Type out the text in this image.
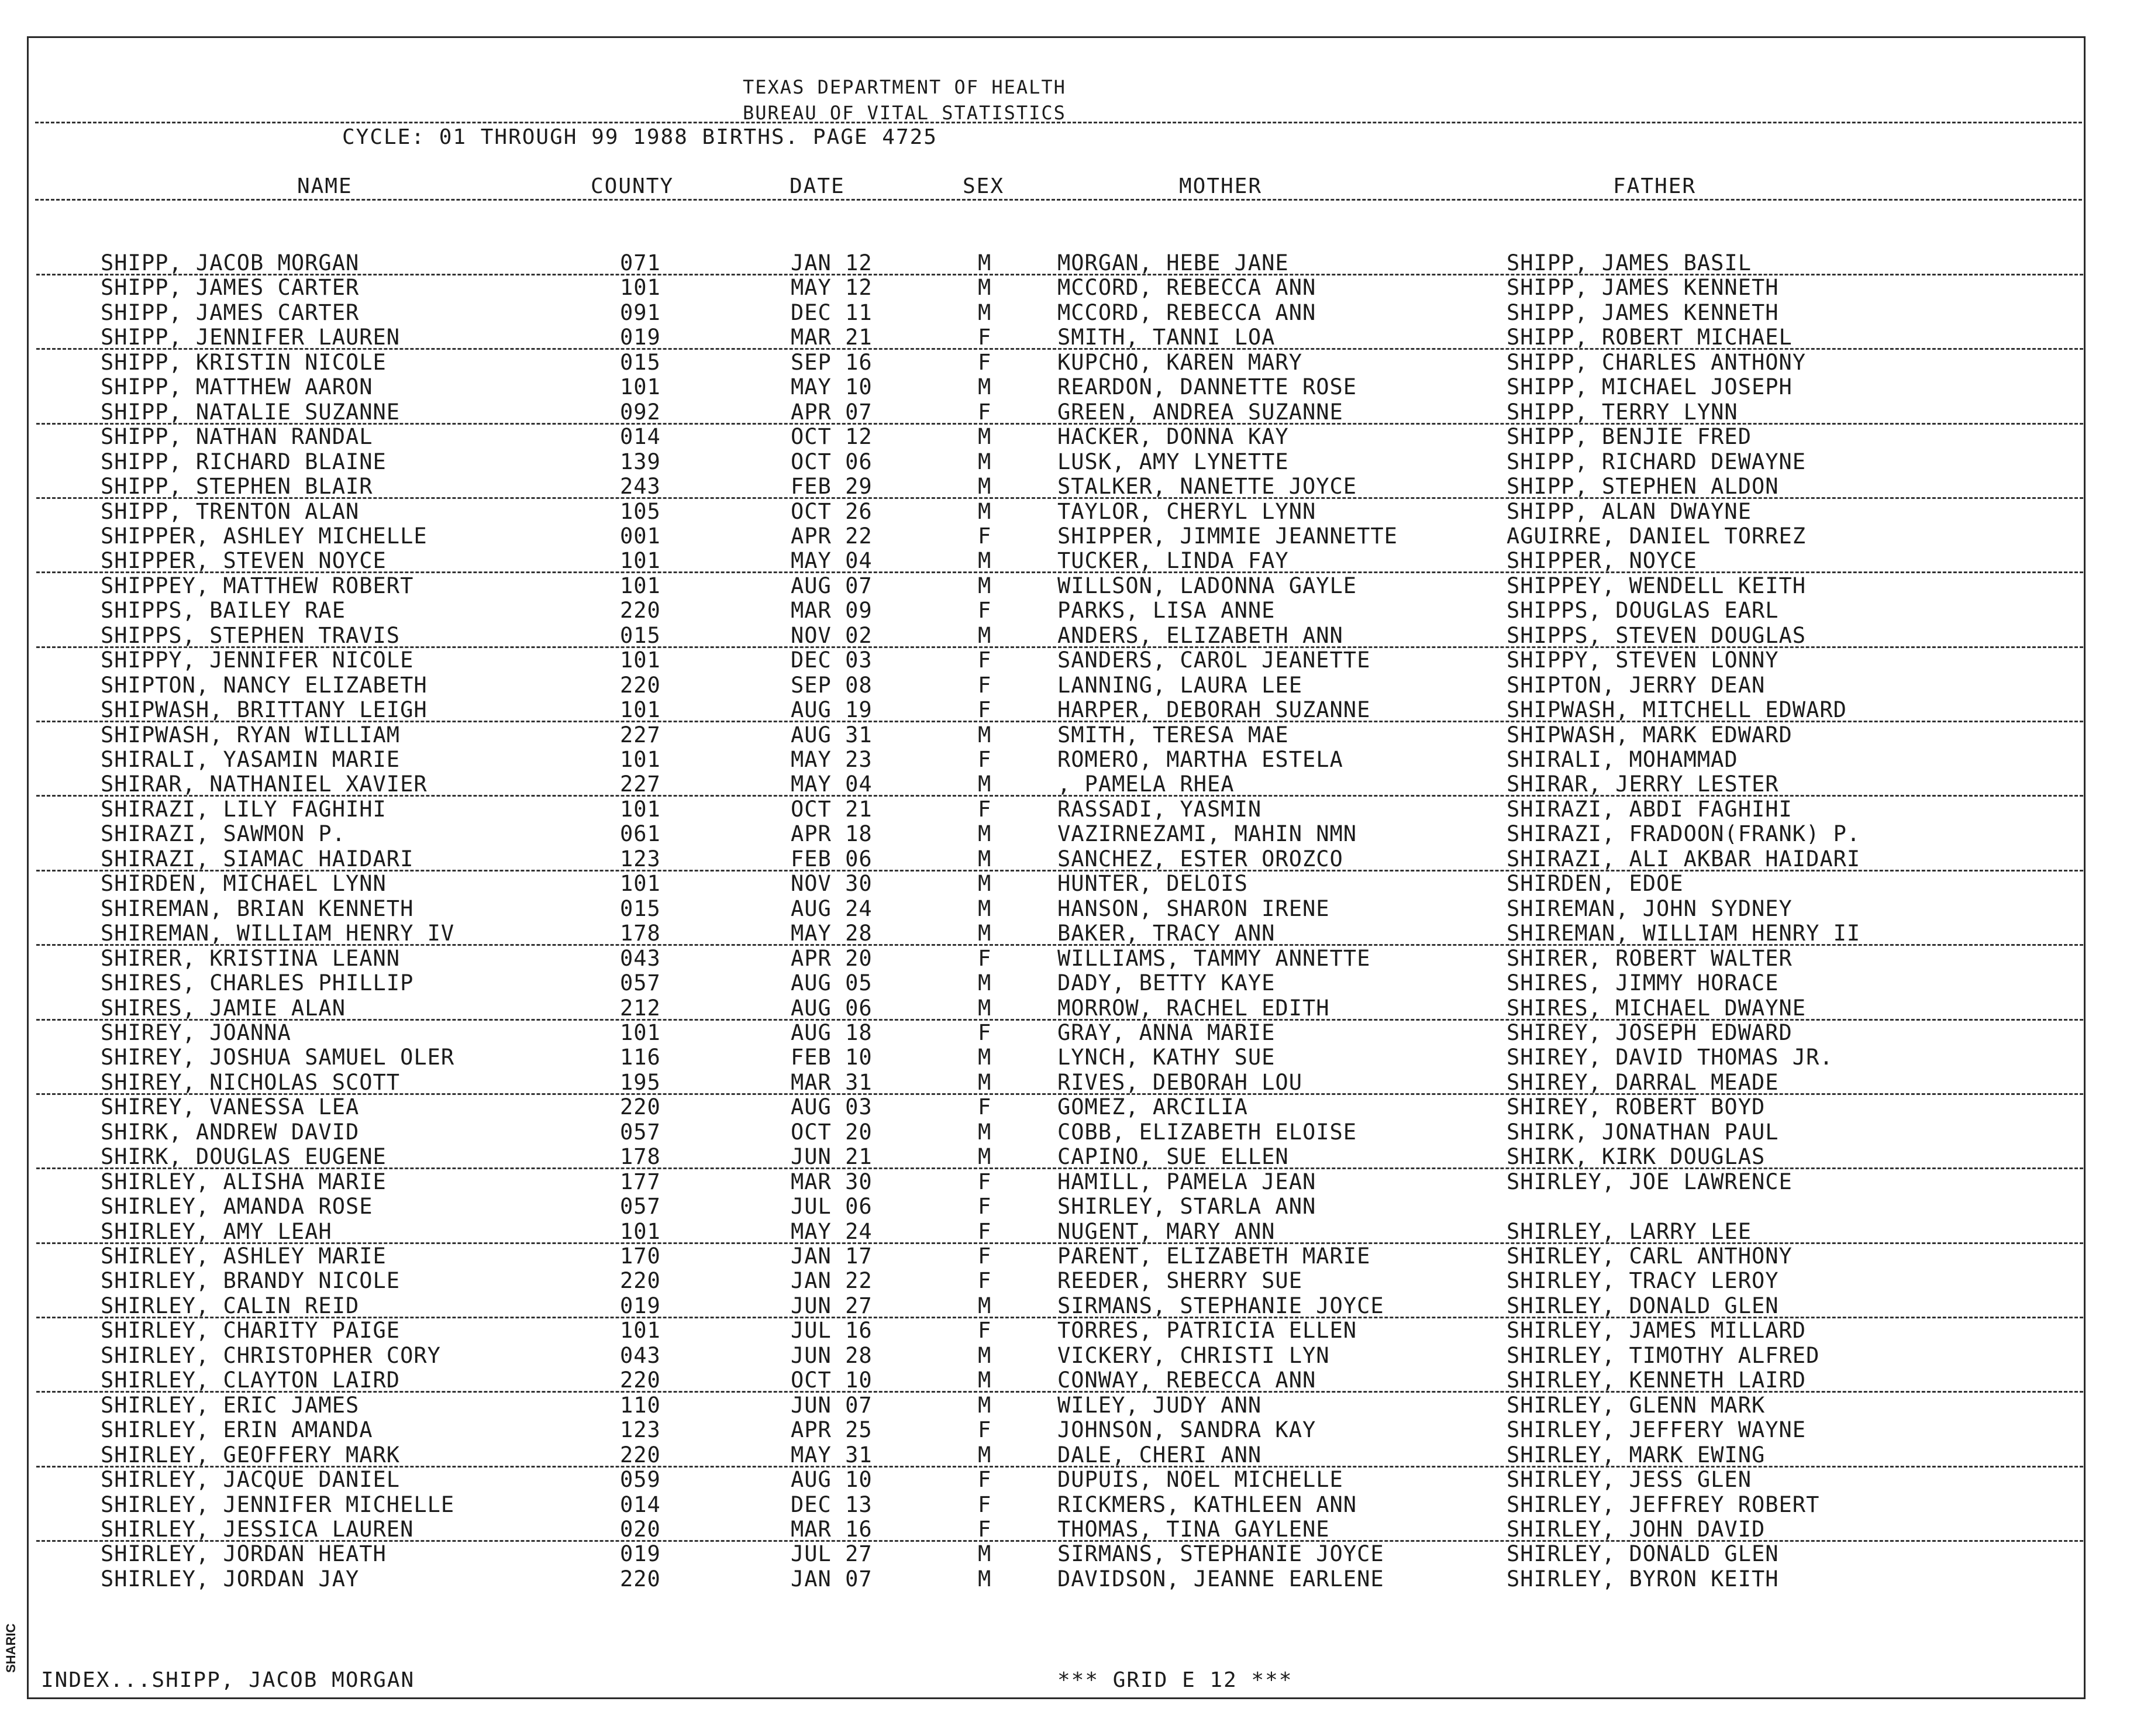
TEXAS DEPARTMENT OF HEALTH
BUREAU OF VITAL STATISTICS
CYCLE: 01 THROUGH 99 1988 BIRTHS. PAGE 4725
NAME	COUNTY	DATE	SEX	MOTHER	FATHER
SHIPP, JACOB MORGAN	071	JAN 12	M	MORGAN, HEBE JANE	SHIPP, JAMES BASIL
SHIPP, JAMES CARTER	101	MAY 12	M	MCCORD, REBECCA ANN	SHIPP, JAMES KENNETH
SHIPP, JAMES CARTER	091	DEC 11	M	MCCORD, REBECCA ANN	SHIPP, JAMES KENNETH
SHIPP, JENNIFER LAUREN	019	MAR 21	F	SMITH, TANNI LOA	SHIPP, ROBERT MICHAEL
SHIPP, KRISTIN NICOLE	015	SEP 16	F	KUPCHO, KAREN MARY	SHIPP, CHARLES ANTHONY
SHIPP, MATTHEW AARON	101	MAY 10	M	REARDON, DANNETTE ROSE	SHIPP, MICHAEL JOSEPH
SHIPP, NATALIE SUZANNE	092	APR 07	F	GREEN, ANDREA SUZANNE	SHIPP, TERRY LYNN
SHIPP, NATHAN RANDAL	014	OCT 12	M	HACKER, DONNA KAY	SHIPP, BENJIE FRED
SHIPP, RICHARD BLAINE	139	OCT 06	M	LUSK, AMY LYNETTE	SHIPP, RICHARD DEWAYNE
SHIPP, STEPHEN BLAIR	243	FEB 29	M	STALKER, NANETTE JOYCE	SHIPP, STEPHEN ALDON
SHIPP, TRENTON ALAN	105	OCT 26	M	TAYLOR, CHERYL LYNN	SHIPP, ALAN DWAYNE
SHIPPER, ASHLEY MICHELLE	001	APR 22	F	SHIPPER, JIMMIE JEANNETTE	AGUIRRE, DANIEL TORREZ
SHIPPER, STEVEN NOYCE	101	MAY 04	M	TUCKER, LINDA FAY	SHIPPER, NOYCE
SHIPPEY, MATTHEW ROBERT	101	AUG 07	M	WILLSON, LADONNA GAYLE	SHIPPEY, WENDELL KEITH
SHIPPS, BAILEY RAE	220	MAR 09	F	PARKS, LISA ANNE	SHIPPS, DOUGLAS EARL
SHIPPS, STEPHEN TRAVIS	015	NOV 02	M	ANDERS, ELIZABETH ANN	SHIPPS, STEVEN DOUGLAS
SHIPPY, JENNIFER NICOLE	101	DEC 03	F	SANDERS, CAROL JEANETTE	SHIPPY, STEVEN LONNY
SHIPTON, NANCY ELIZABETH	220	SEP 08	F	LANNING, LAURA LEE	SHIPTON, JERRY DEAN
SHIPWASH, BRITTANY LEIGH	101	AUG 19	F	HARPER, DEBORAH SUZANNE	SHIPWASH, MITCHELL EDWARD
SHIPWASH, RYAN WILLIAM	227	AUG 31	M	SMITH, TERESA MAE	SHIPWASH, MARK EDWARD
SHIRALI, YASAMIN MARIE	101	MAY 23	F	ROMERO, MARTHA ESTELA	SHIRALI, MOHAMMAD
SHIRAR, NATHANIEL XAVIER	227	MAY 04	M	, PAMELA RHEA	SHIRAR, JERRY LESTER
SHIRAZI, LILY FAGHIHI	101	OCT 21	F	RASSADI, YASMIN	SHIRAZI, ABDI FAGHIHI
SHIRAZI, SAWMON P.	061	APR 18	M	VAZIRNEZAMI, MAHIN NMN	SHIRAZI, FRADOON(FRANK) P.
SHIRAZI, SIAMAC HAIDARI	123	FEB 06	M	SANCHEZ, ESTER OROZCO	SHIRAZI, ALI AKBAR HAIDARI
SHIRDEN, MICHAEL LYNN	101	NOV 30	M	HUNTER, DELOIS	SHIRDEN, EDOE
SHIREMAN, BRIAN KENNETH	015	AUG 24	M	HANSON, SHARON IRENE	SHIREMAN, JOHN SYDNEY
SHIREMAN, WILLIAM HENRY IV	178	MAY 28	M	BAKER, TRACY ANN	SHIREMAN, WILLIAM HENRY II
SHIRER, KRISTINA LEANN	043	APR 20	F	WILLIAMS, TAMMY ANNETTE	SHIRER, ROBERT WALTER
SHIRES, CHARLES PHILLIP	057	AUG 05	M	DADY, BETTY KAYE	SHIRES, JIMMY HORACE
SHIRES, JAMIE ALAN	212	AUG 06	M	MORROW, RACHEL EDITH	SHIRES, MICHAEL DWAYNE
SHIREY, JOANNA	101	AUG 18	F	GRAY, ANNA MARIE	SHIREY, JOSEPH EDWARD
SHIREY, JOSHUA SAMUEL OLER	116	FEB 10	M	LYNCH, KATHY SUE	SHIREY, DAVID THOMAS JR.
SHIREY, NICHOLAS SCOTT	195	MAR 31	M	RIVES, DEBORAH LOU	SHIREY, DARRAL MEADE
SHIREY, VANESSA LEA	220	AUG 03	F	GOMEZ, ARCILIA	SHIREY, ROBERT BOYD
SHIRK, ANDREW DAVID	057	OCT 20	M	COBB, ELIZABETH ELOISE	SHIRK, JONATHAN PAUL
SHIRK, DOUGLAS EUGENE	178	JUN 21	M	CAPINO, SUE ELLEN	SHIRK, KIRK DOUGLAS
SHIRLEY, ALISHA MARIE	177	MAR 30	F	HAMILL, PAMELA JEAN	SHIRLEY, JOE LAWRENCE
SHIRLEY, AMANDA ROSE	057	JUL 06	F	SHIRLEY, STARLA ANN
SHIRLEY, AMY LEAH	101	MAY 24	F	NUGENT, MARY ANN	SHIRLEY, LARRY LEE
SHIRLEY, ASHLEY MARIE	170	JAN 17	F	PARENT, ELIZABETH MARIE	SHIRLEY, CARL ANTHONY
SHIRLEY, BRANDY NICOLE	220	JAN 22	F	REEDER, SHERRY SUE	SHIRLEY, TRACY LEROY
SHIRLEY, CALIN REID	019	JUN 27	M	SIRMANS, STEPHANIE JOYCE	SHIRLEY, DONALD GLEN
SHIRLEY, CHARITY PAIGE	101	JUL 16	F	TORRES, PATRICIA ELLEN	SHIRLEY, JAMES MILLARD
SHIRLEY, CHRISTOPHER CORY	043	JUN 28	M	VICKERY, CHRISTI LYN	SHIRLEY, TIMOTHY ALFRED
SHIRLEY, CLAYTON LAIRD	220	OCT 10	M	CONWAY, REBECCA ANN	SHIRLEY, KENNETH LAIRD
SHIRLEY, ERIC JAMES	110	JUN 07	M	WILEY, JUDY ANN	SHIRLEY, GLENN MARK
SHIRLEY, ERIN AMANDA	123	APR 25	F	JOHNSON, SANDRA KAY	SHIRLEY, JEFFERY WAYNE
SHIRLEY, GEOFFERY MARK	220	MAY 31	M	DALE, CHERI ANN	SHIRLEY, MARK EWING
SHIRLEY, JACQUE DANIEL	059	AUG 10	F	DUPUIS, NOEL MICHELLE	SHIRLEY, JESS GLEN
SHIRLEY, JENNIFER MICHELLE	014	DEC 13	F	RICKMERS, KATHLEEN ANN	SHIRLEY, JEFFREY ROBERT
SHIRLEY, JESSICA LAUREN	020	MAR 16	F	THOMAS, TINA GAYLENE	SHIRLEY, JOHN DAVID
SHIRLEY, JORDAN HEATH	019	JUL 27	M	SIRMANS, STEPHANIE JOYCE	SHIRLEY, DONALD GLEN
SHIRLEY, JORDAN JAY	220	JAN 07	M	DAVIDSON, JEANNE EARLENE	SHIRLEY, BYRON KEITH
INDEX...SHIPP, JACOB MORGAN	*** GRID E 12 ***
SHARIC
